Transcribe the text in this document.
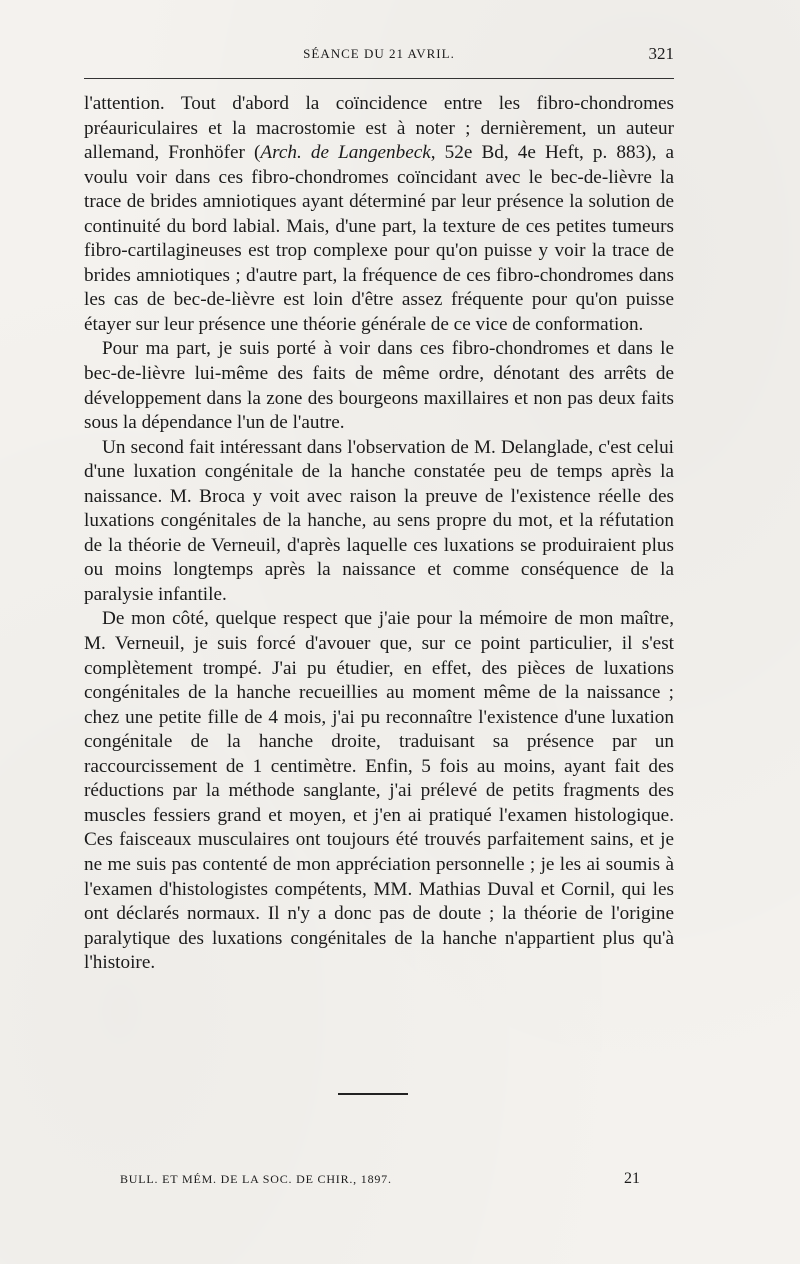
SÉANCE DU 21 AVRIL.	321

l'attention. Tout d'abord la coïncidence entre les fibro-chondromes préauriculaires et la macrostomie est à noter ; dernièrement, un auteur allemand, Fronhöfer (Arch. de Langenbeck, 52e Bd, 4e Heft, p. 883), a voulu voir dans ces fibro-chondromes coïncidant avec le bec-de-lièvre la trace de brides amniotiques ayant déterminé par leur présence la solution de continuité du bord labial. Mais, d'une part, la texture de ces petites tumeurs fibro-cartilagineuses est trop complexe pour qu'on puisse y voir la trace de brides amniotiques ; d'autre part, la fréquence de ces fibro-chondromes dans les cas de bec-de-lièvre est loin d'être assez fréquente pour qu'on puisse étayer sur leur présence une théorie générale de ce vice de conformation.

Pour ma part, je suis porté à voir dans ces fibro-chondromes et dans le bec-de-lièvre lui-même des faits de même ordre, dénotant des arrêts de développement dans la zone des bourgeons maxillaires et non pas deux faits sous la dépendance l'un de l'autre.

Un second fait intéressant dans l'observation de M. Delanglade, c'est celui d'une luxation congénitale de la hanche constatée peu de temps après la naissance. M. Broca y voit avec raison la preuve de l'existence réelle des luxations congénitales de la hanche, au sens propre du mot, et la réfutation de la théorie de Verneuil, d'après laquelle ces luxations se produiraient plus ou moins longtemps après la naissance et comme conséquence de la paralysie infantile.

De mon côté, quelque respect que j'aie pour la mémoire de mon maître, M. Verneuil, je suis forcé d'avouer que, sur ce point particulier, il s'est complètement trompé. J'ai pu étudier, en effet, des pièces de luxations congénitales de la hanche recueillies au moment même de la naissance ; chez une petite fille de 4 mois, j'ai pu reconnaître l'existence d'une luxation congénitale de la hanche droite, traduisant sa présence par un raccourcissement de 1 centimètre. Enfin, 5 fois au moins, ayant fait des réductions par la méthode sanglante, j'ai prélevé de petits fragments des muscles fessiers grand et moyen, et j'en ai pratiqué l'examen histologique. Ces faisceaux musculaires ont toujours été trouvés parfaitement sains, et je ne me suis pas contenté de mon appréciation personnelle ; je les ai soumis à l'examen d'histologistes compétents, MM. Mathias Duval et Cornil, qui les ont déclarés normaux. Il n'y a donc pas de doute ; la théorie de l'origine paralytique des luxations congénitales de la hanche n'appartient plus qu'à l'histoire.

BULL. ET MÉM. DE LA SOC. DE CHIR., 1897.	21
